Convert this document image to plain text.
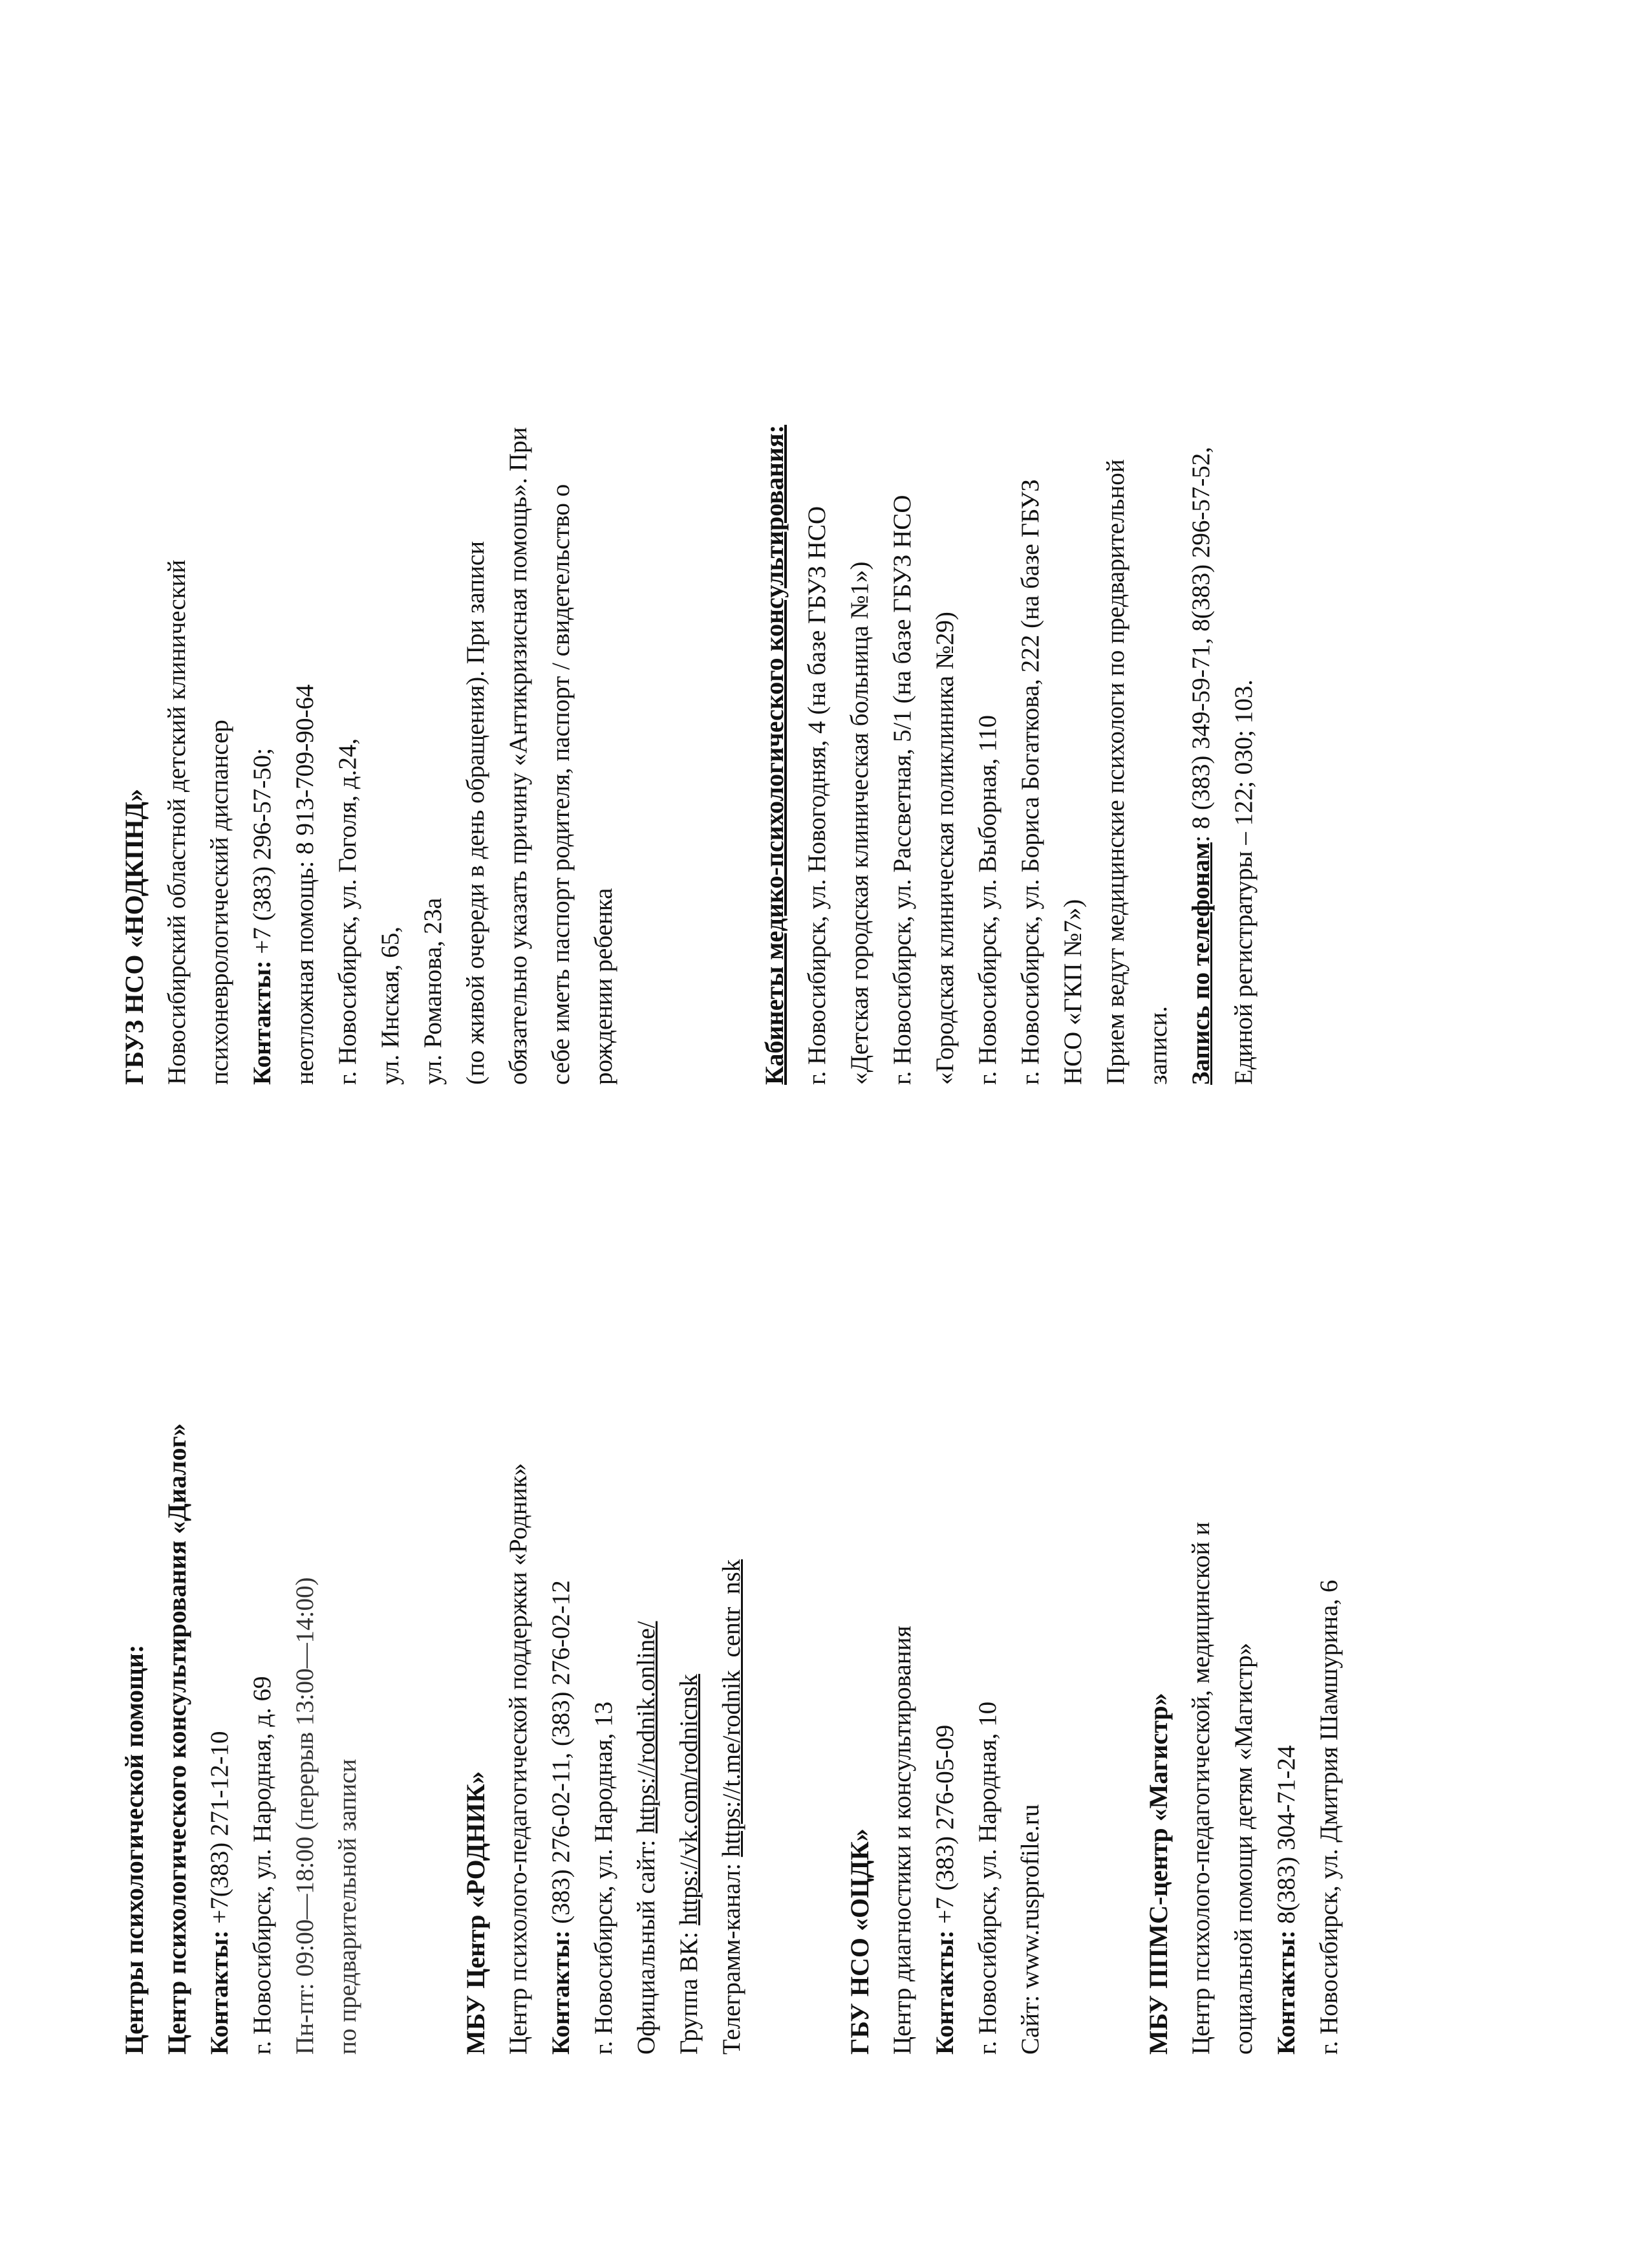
Центры психологической помощи: Центр психологического консультирования «Диалог» Контакты: +7(383) 271-12-10 г. Новосибирск, ул. Народная, д. 69 Пн-пт: 09:00—18:00 (перерыв 13:00—14:00) по предварительной записи	МБУ Центр «РОДНИК» Центр психолого-педагогической поддержки «Родник» Контакты: (383) 276-02-11, (383) 276-02-12 г. Новосибирск, ул. Народная, 13 Официальный сайт: https://rodnik.online/

Группа ВК: https://vk.com/rodnicnsk

Телеграмм-канал: https://t.me/rodnik_centr_nsk

ГБУ НСО «ОЦДК» Центр диагностики и консультирования Контакты: +7 (383) 276-05-09 г. Новосибирск, ул. Народная, 10 Сайт: www.rusprofile.ru	МБУ ППМС-центр «Магистр» Центр психолого-педагогической, медицинской и социальной помощи детям «Магистр» Контакты: 8(383) 304-71-24 г. Новосибирск, ул. Дмитрия Шамшурина, 6

ГБУЗ НСО «НОДКПНД» Новосибирский областной детский клинический психоневрологический диспансер Контакты: +7 (383) 296-57-50; неотложная помощь: 8 913-709-90-64 г. Новосибирск, ул. Гоголя, д.24, ул. Инская, 65, ул. Романова, 23а (по живой очереди в день обращения). При записи обязательно указать причину «Антикризисная помощь». При себе иметь паспорт родителя, паспорт / свидетельство о рождении ребенка	Кабинеты медико-психологического консультирования: г. Новосибирск, ул. Новогодняя, 4 (на базе ГБУЗ НСО «Детская городская клиническая больница №1») г. Новосибирск, ул. Рассветная, 5/1 (на базе ГБУЗ НСО «Городская клиническая поликлиника №29) г. Новосибирск, ул. Выборная, 110 г. Новосибирск, ул. Бориса Богаткова, 222 (на базе ГБУЗ НСО «ГКП №7») Прием ведут медицинские психологи по предварительной записи. Запись по телефонам: 8 (383) 349-59-71, 8(383) 296-57-52,

Единой регистратуры – 122; 030; 103.
